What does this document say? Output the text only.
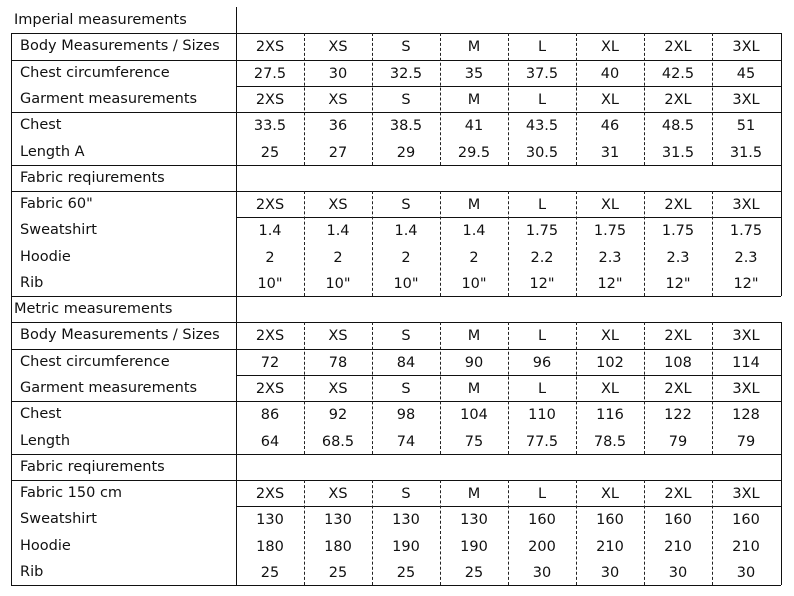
Imperial measurements
Body Measurements / Sizes	2XS	XS	S	M	L	XL	2XL	3XL
Chest circumference	27.5	30	32.5	35	37.5	40	42.5	45
Garment measurements	2XS	XS	S	M	L	XL	2XL	3XL
Chest	33.5	36	38.5	41	43.5	46	48.5	51
Length A	25	27	29	29.5	30.5	31	31.5	31.5
Fabric reqiurements
Fabric 60"	2XS	XS	S	M	L	XL	2XL	3XL
Sweatshirt	1.4	1.4	1.4	1.4	1.75	1.75	1.75	1.75
Hoodie	2	2	2	2	2.2	2.3	2.3	2.3
Rib	10"	10"	10"	10"	12"	12"	12"	12"
Metric measurements
Body Measurements / Sizes	2XS	XS	S	M	L	XL	2XL	3XL
Chest circumference	72	78	84	90	96	102	108	114
Garment measurements	2XS	XS	S	M	L	XL	2XL	3XL
Chest	86	92	98	104	110	116	122	128
Length	64	68.5	74	75	77.5	78.5	79	79
Fabric reqiurements
Fabric 150 cm	2XS	XS	S	M	L	XL	2XL	3XL
Sweatshirt	130	130	130	130	160	160	160	160
Hoodie	180	180	190	190	200	210	210	210
Rib	25	25	25	25	30	30	30	30
